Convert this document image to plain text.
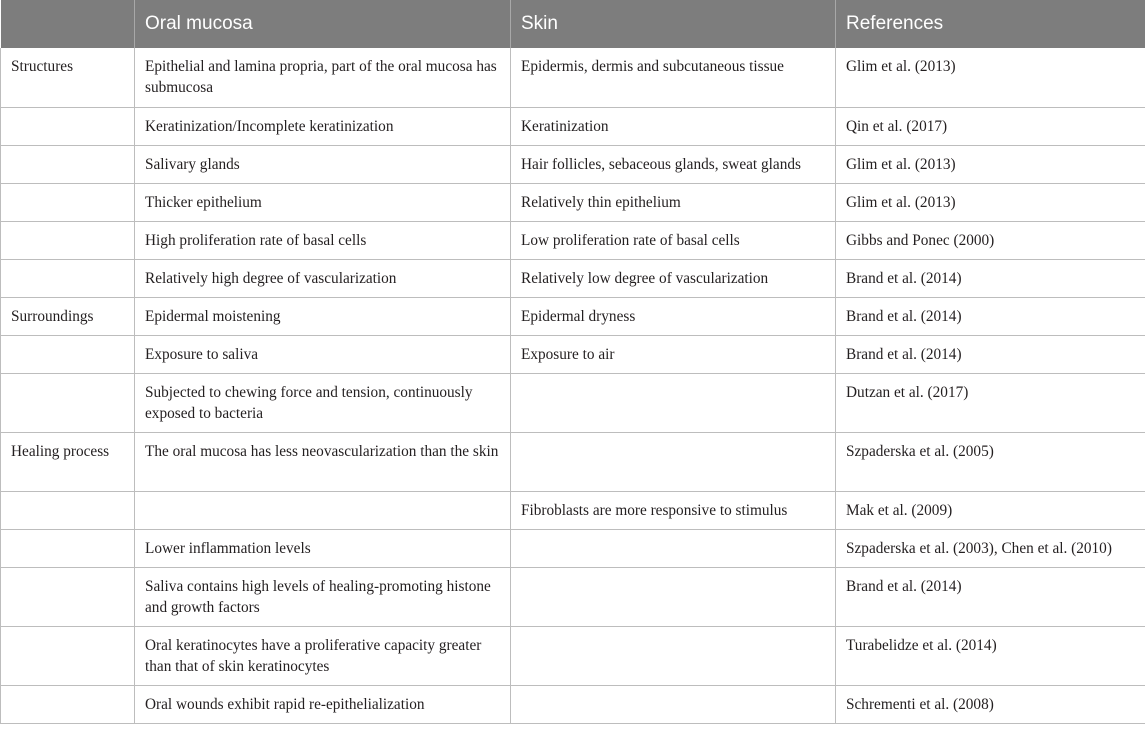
	Oral mucosa	Skin	References
Structures	Epithelial and lamina propria, part of the oral mucosa has submucosa	Epidermis, dermis and subcutaneous tissue	Glim et al. (2013)
	Keratinization/Incomplete keratinization	Keratinization	Qin et al. (2017)
	Salivary glands	Hair follicles, sebaceous glands, sweat glands	Glim et al. (2013)
	Thicker epithelium	Relatively thin epithelium	Glim et al. (2013)
	High proliferation rate of basal cells	Low proliferation rate of basal cells	Gibbs and Ponec (2000)
	Relatively high degree of vascularization	Relatively low degree of vascularization	Brand et al. (2014)
Surroundings	Epidermal moistening	Epidermal dryness	Brand et al. (2014)
	Exposure to saliva	Exposure to air	Brand et al. (2014)
	Subjected to chewing force and tension, continuously exposed to bacteria		Dutzan et al. (2017)
Healing process	The oral mucosa has less neovascularization than the skin		Szpaderska et al. (2005)
		Fibroblasts are more responsive to stimulus	Mak et al. (2009)
	Lower inflammation levels		Szpaderska et al. (2003), Chen et al. (2010)
	Saliva contains high levels of healing-promoting histone and growth factors		Brand et al. (2014)
	Oral keratinocytes have a proliferative capacity greater than that of skin keratinocytes		Turabelidze et al. (2014)
	Oral wounds exhibit rapid re-epithelialization		Schrementi et al. (2008)
